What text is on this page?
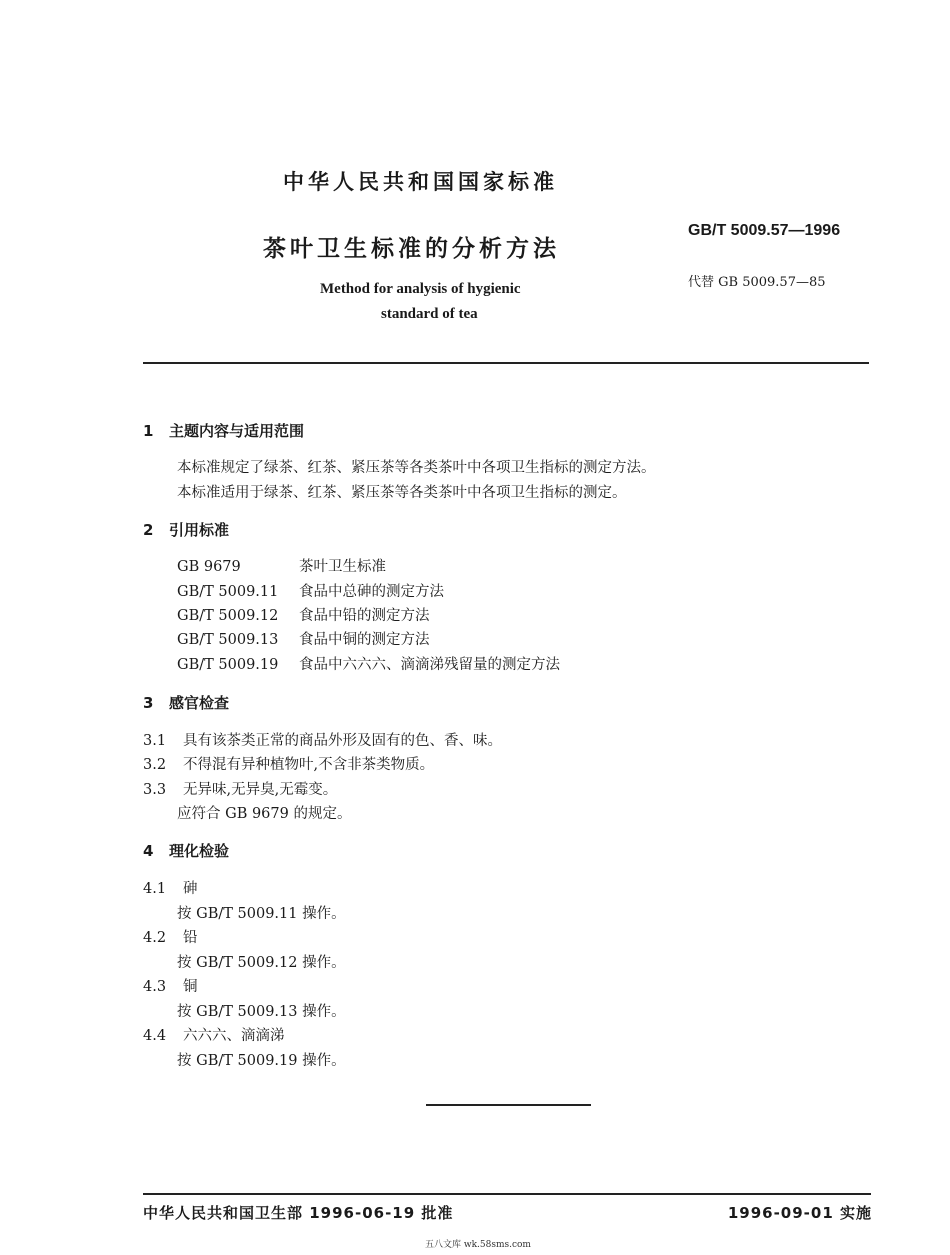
中华人民共和国国家标准
茶叶卫生标准的分析方法
Method for analysis of hygienic
standard of tea
GB/T 5009.57—1996
代替 GB 5009.57—85
1 主题内容与适用范围
本标准规定了绿茶、红茶、紧压茶等各类茶叶中各项卫生指标的测定方法。
本标准适用于绿茶、红茶、紧压茶等各类茶叶中各项卫生指标的测定。
2 引用标准
GB 9679	茶叶卫生标准
GB/T 5009.11 食品中总砷的测定方法
GB/T 5009.12 食品中铅的测定方法
GB/T 5009.13 食品中铜的测定方法
GB/T 5009.19 食品中六六六、滴滴涕残留量的测定方法
3 感官检查
3.1 具有该茶类正常的商品外形及固有的色、香、味。
3.2 不得混有异种植物叶,不含非茶类物质。
3.3 无异味,无异臭,无霉变。
应符合 GB 9679 的规定。
4 理化检验
4.1 砷
按 GB/T 5009.11 操作。
4.2 铅
按 GB/T 5009.12 操作。
4.3 铜
按 GB/T 5009.13 操作。
4.4 六六六、滴滴涕
按 GB/T 5009.19 操作。
中华人民共和国卫生部 1996-06-19 批准	1996-09-01 实施
五八文库 wk.58sms.com
